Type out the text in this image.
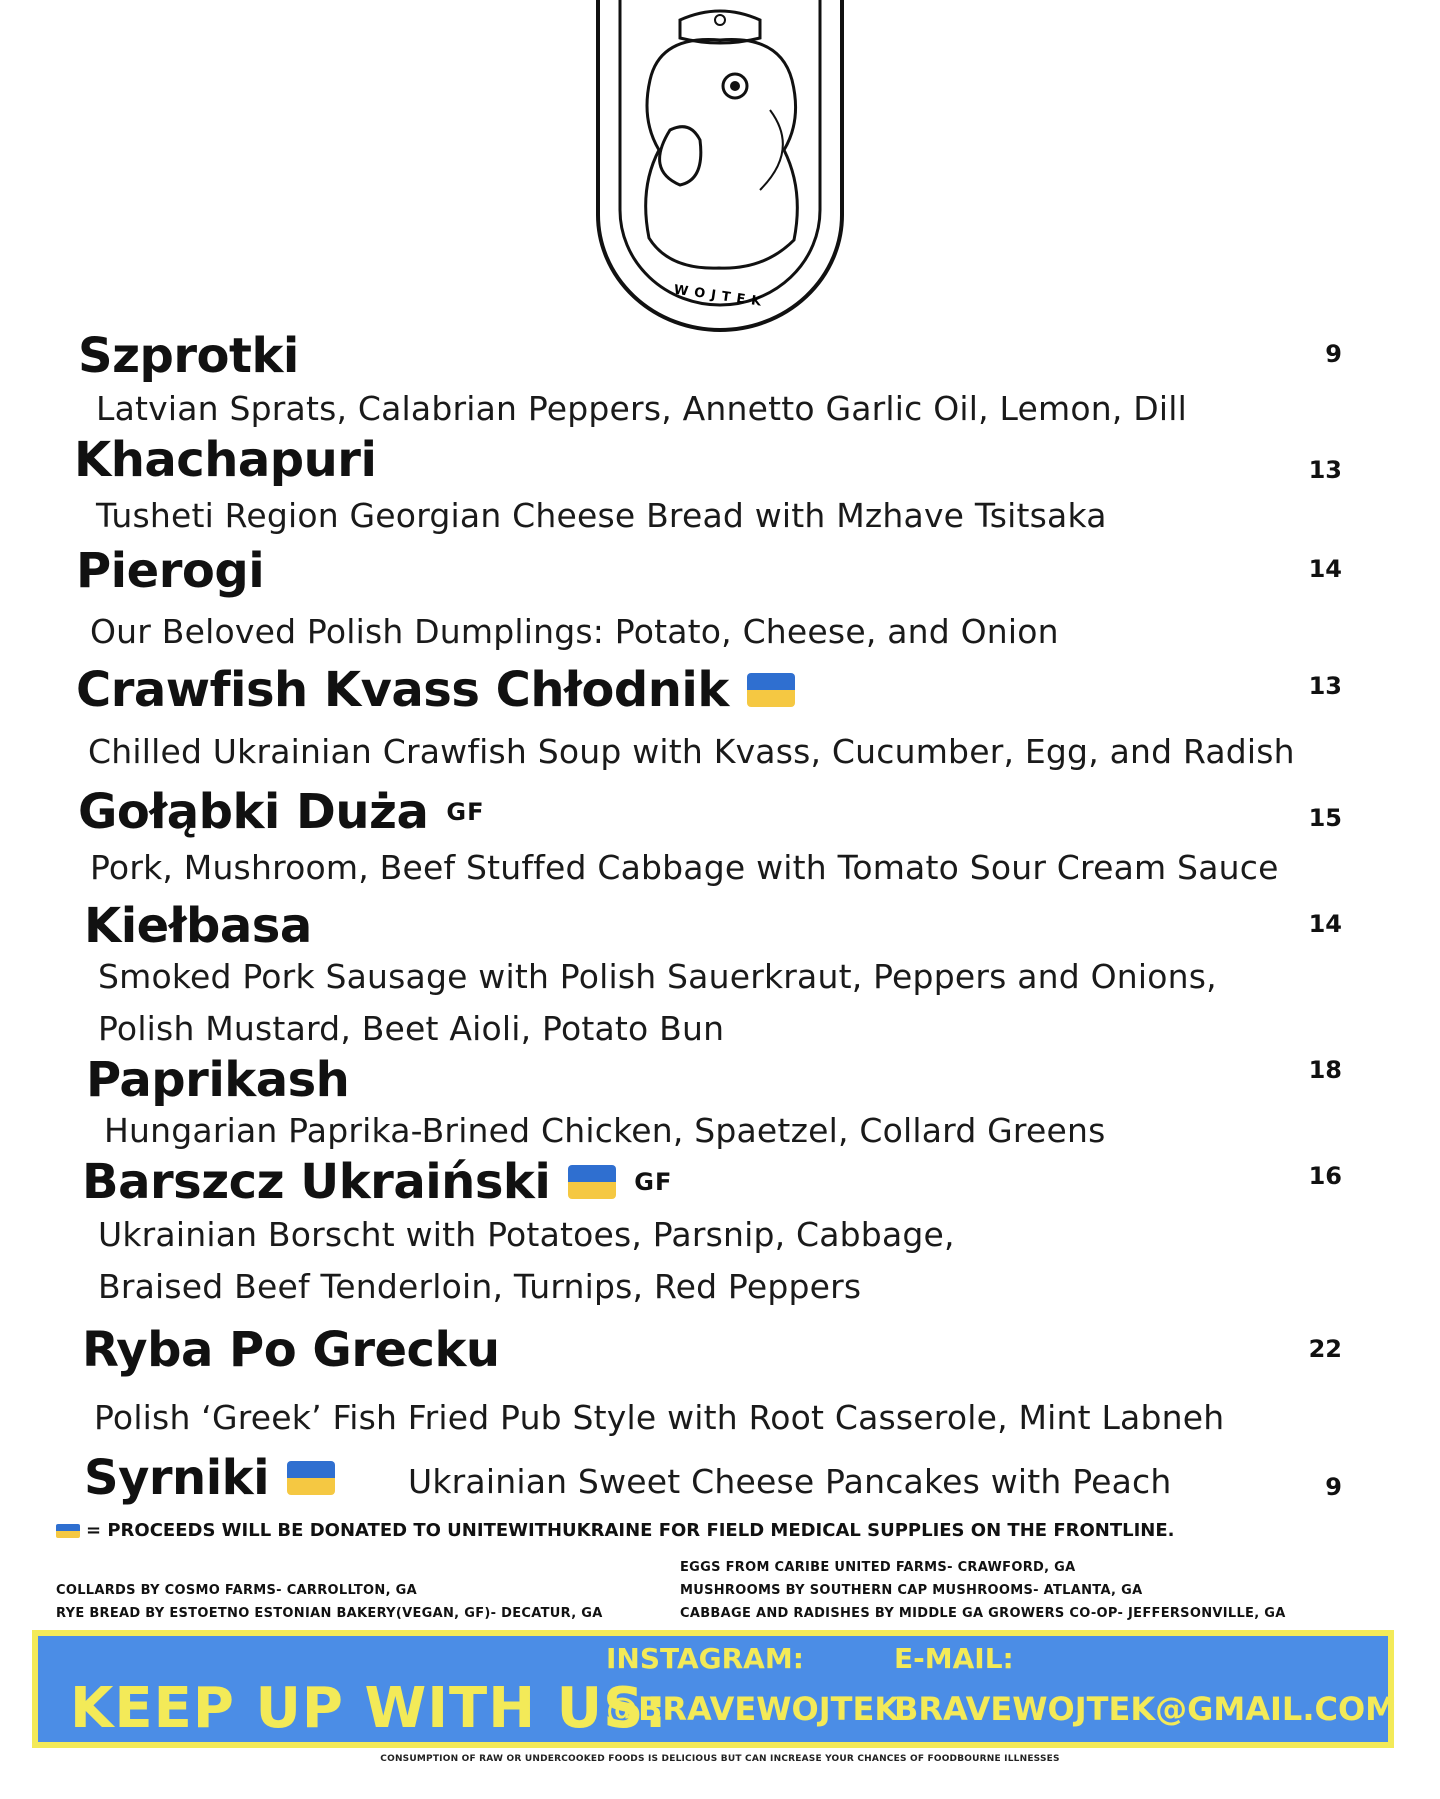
WOJTEK
Szprotki	9
Latvian Sprats, Calabrian Peppers, Annetto Garlic Oil, Lemon, Dill
Khachapuri	13
Tusheti Region Georgian Cheese Bread with Mzhave Tsitsaka
Pierogi	14
Our Beloved Polish Dumplings: Potato, Cheese, and Onion
Crawfish Kvass Chłodnik	13
Chilled Ukrainian Crawfish Soup with Kvass, Cucumber, Egg, and Radish
Gołąbki Duża GF	15
Pork, Mushroom, Beef Stuffed Cabbage with Tomato Sour Cream Sauce
Kiełbasa	14
Smoked Pork Sausage with Polish Sauerkraut, Peppers and Onions,
Polish Mustard, Beet Aioli, Potato Bun
Paprikash	18
Hungarian Paprika-Brined Chicken, Spaetzel, Collard Greens
Barszcz Ukraiński	GF	16
Ukrainian Borscht with Potatoes, Parsnip, Cabbage,
Braised Beef Tenderloin, Turnips, Red Peppers
Ryba Po Grecku	22
Polish ‘Greek’ Fish Fried Pub Style with Root Casserole, Mint Labneh
Syrniki	Ukrainian Sweet Cheese Pancakes with Peach	9
= PROCEEDS WILL BE DONATED TO UNITEWITHUKRAINE FOR FIELD MEDICAL SUPPLIES ON THE FRONTLINE.
COLLARDS BY COSMO FARMS- CARROLLTON, GA
RYE BREAD BY ESTOETNO ESTONIAN BAKERY(VEGAN, GF)- DECATUR, GA
EGGS FROM CARIBE UNITED FARMS- CRAWFORD, GA
MUSHROOMS BY SOUTHERN CAP MUSHROOMS- ATLANTA, GA
CABBAGE AND RADISHES BY MIDDLE GA GROWERS CO-OP- JEFFERSONVILLE, GA
KEEP UP WITH US:
INSTAGRAM:
@BRAVEWOJTEK
E-MAIL:
BRAVEWOJTEK@GMAIL.COM
CONSUMPTION OF RAW OR UNDERCOOKED FOODS IS DELICIOUS BUT CAN INCREASE YOUR CHANCES OF FOODBOURNE ILLNESSES
